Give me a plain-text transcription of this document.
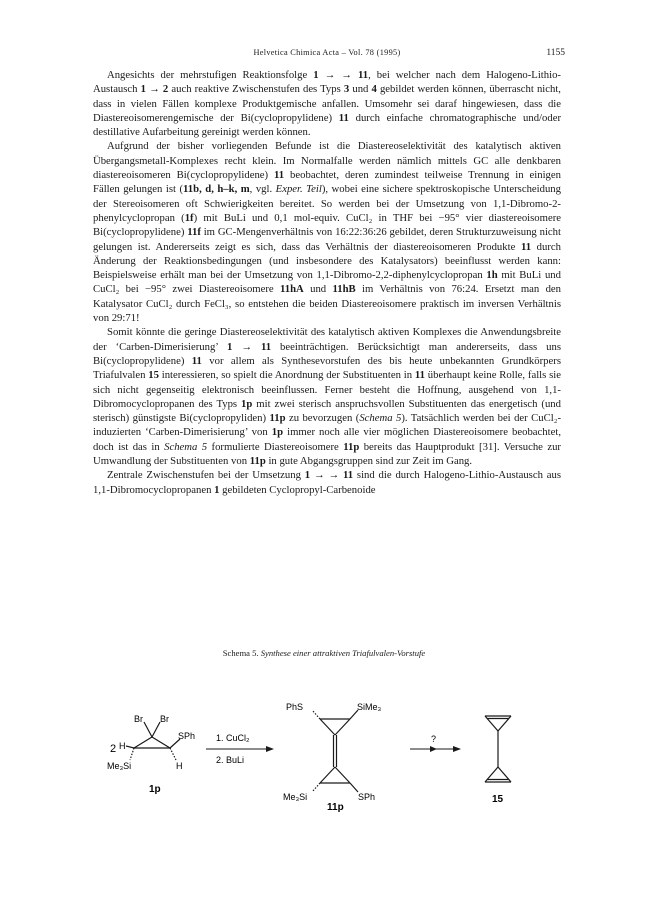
Helvetica Chimica Acta – Vol. 78 (1995)	1155

Angesichts der mehrstufigen Reaktionsfolge 1 → → 11, bei welcher nach dem Halogeno-Lithio-Austausch 1 → 2 auch reaktive Zwischenstufen des Typs 3 und 4 gebildet werden können, überrascht nicht, dass in vielen Fällen komplexe Produktgemische anfallen. Umsomehr sei daraf hingewiesen, dass die Diastereoisomerengemische der Bi(cyclopropylidene) 11 durch einfache chromatographische und/oder destillative Aufarbeitung gereinigt werden können.

Aufgrund der bisher vorliegenden Befunde ist die Diastereoselektivität des katalytisch aktiven Übergangsmetall-Komplexes recht klein. Im Normalfalle werden nämlich mittels GC alle denkbaren diastereoisomeren Bi(cyclopropylidene) 11 beobachtet, deren zumindest teilweise Trennung in einigen Fällen gelungen ist (11b, d, h–k, m, vgl. Exper. Teil), wobei eine sichere spektroskopische Unterscheidung der Stereoisomeren oft Schwierigkeiten bereitet. So werden bei der Umsetzung von 1,1-Dibromo-2-phenylcyclopropan (1f) mit BuLi und 0,1 mol-equiv. CuCl₂ in THF bei −95° vier diastereoisomere Bi(cyclopropylidene) 11f im GC-Mengenverhältnis von 16:22:36:26 gebildet, deren Strukturzuweisung nicht gelungen ist. Andererseits zeigt es sich, dass das Verhältnis der diastereoisomeren Produkte 11 durch Änderung der Reaktionsbedingungen (und insbesondere des Katalysators) beeinflusst werden kann: Beispielsweise erhält man bei der Umsetzung von 1,1-Dibromo-2,2-diphenylcyclopropan 1h mit BuLi und CuCl₂ bei −95° zwei Diastereoisomere 11hA und 11hB im Verhältnis von 76:24. Ersetzt man den Katalysator CuCl₂ durch FeCl₃, so entstehen die beiden Diastereoisomere praktisch im inversen Verhältnis von 29:71!

Somit könnte die geringe Diastereoselektivität des katalytisch aktiven Komplexes die Anwendungsbreite der ‘Carben-Dimerisierung’ 1 → 11 beeinträchtigen. Berücksichtigt man andererseits, dass uns Bi(cyclopropylidene) 11 vor allem als Synthesevorstufen des bis heute unbekannten Grundkörpers Triafulvalen 15 interessieren, so spielt die Anordnung der Substituenten in 11 überhaupt keine Rolle, falls sie sich nicht gegenseitig elektronisch beeinflussen. Ferner besteht die Hoffnung, ausgehend von 1,1-Dibromocyclopropanen des Typs 1p mit zwei sterisch anspruchsvollen Substituenten das energetisch (und sterisch) günstigste Bi(cyclopropyliden) 11p zu bevorzugen (Schema 5). Tatsächlich werden bei der CuCl₂-induzierten ‘Carben-Dimerisierung’ von 1p immer noch alle vier möglichen Diastereoisomere beobachtet, doch ist das in Schema 5 formulierte Diastereoisomere 11p bereits das Hauptprodukt [31]. Versuche zur Umwandlung der Substituenten von 11p in gute Abgangsgruppen sind zur Zeit im Gang.

Zentrale Zwischenstufen bei der Umsetzung 1 → → 11 sind die durch Halogeno-Lithio-Austausch aus 1,1-Dibromocyclopropanen 1 gebildeten Cyclopropyl-Carbenoide

Schema 5. Synthese einer attraktiven Triafulvalen-Vorstufe
2
Br Br
H
SPh
Me₃Si	H
1p
1. CuCl₂
2. BuLi
PhS	SiMe₃
Me₃Si	SPh
11p
?
15
